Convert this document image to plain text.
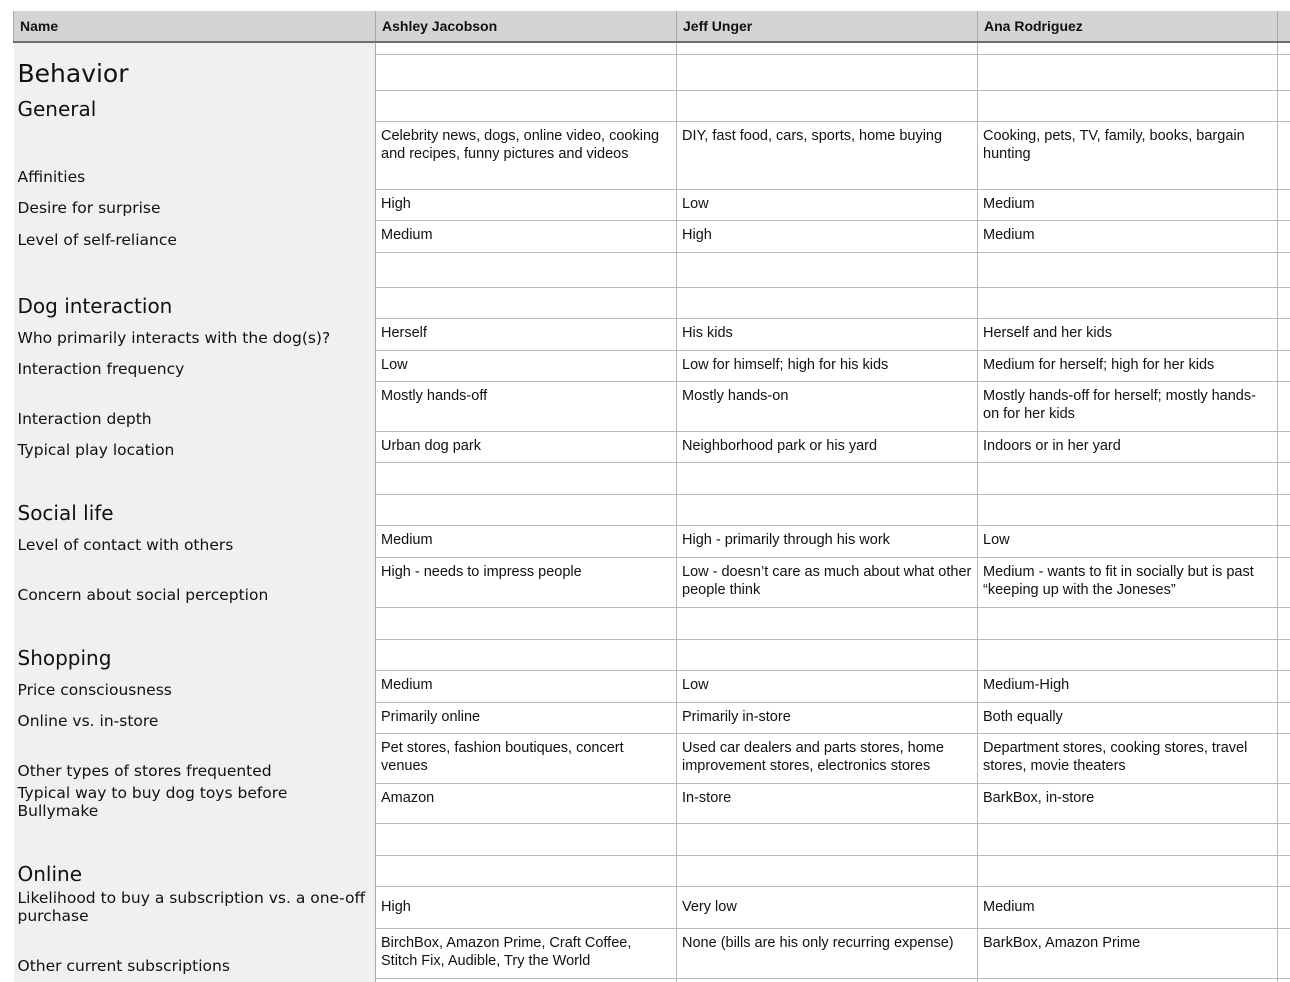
Name	Ashley Jacobson	Jeff Unger	Ana Rodriguez	

Behavior				
General				
Affinities	Celebrity news, dogs, online video, cooking and recipes, funny pictures and videos	DIY, fast food, cars, sports, home buying	Cooking, pets, TV, family, books, bargain hunting	
Desire for surprise	High	Low	Medium	
Level of self-reliance	Medium	High	Medium	

Dog interaction				
Who primarily interacts with the dog(s)?	Herself	His kids	Herself and her kids	
Interaction frequency	Low	Low for himself; high for his kids	Medium for herself; high for her kids	
Interaction depth	Mostly hands-off	Mostly hands-on	Mostly hands-off for herself; mostly hands-on for her kids	
Typical play location	Urban dog park	Neighborhood park or his yard	Indoors or in her yard	

Social life				
Level of contact with others	Medium	High - primarily through his work	Low	
Concern about social perception	High - needs to impress people	Low - doesn’t care as much about what other people think	Medium - wants to fit in socially but is past “keeping up with the Joneses”	

Shopping				
Price consciousness	Medium	Low	Medium-High	
Online vs. in-store	Primarily online	Primarily in-store	Both equally	
Other types of stores frequented	Pet stores, fashion boutiques, concert venues	Used car dealers and parts stores, home improvement stores, electronics stores	Department stores, cooking stores, travel stores, movie theaters	
Typical way to buy dog toys before Bullymake	Amazon	In-store	BarkBox, in-store	

Online				
Likelihood to buy a subscription vs. a one-off purchase	High	Very low	Medium	
Other current subscriptions	BirchBox, Amazon Prime, Craft Coffee, Stitch Fix, Audible, Try the World	None (bills are his only recurring expense)	BarkBox, Amazon Prime	
